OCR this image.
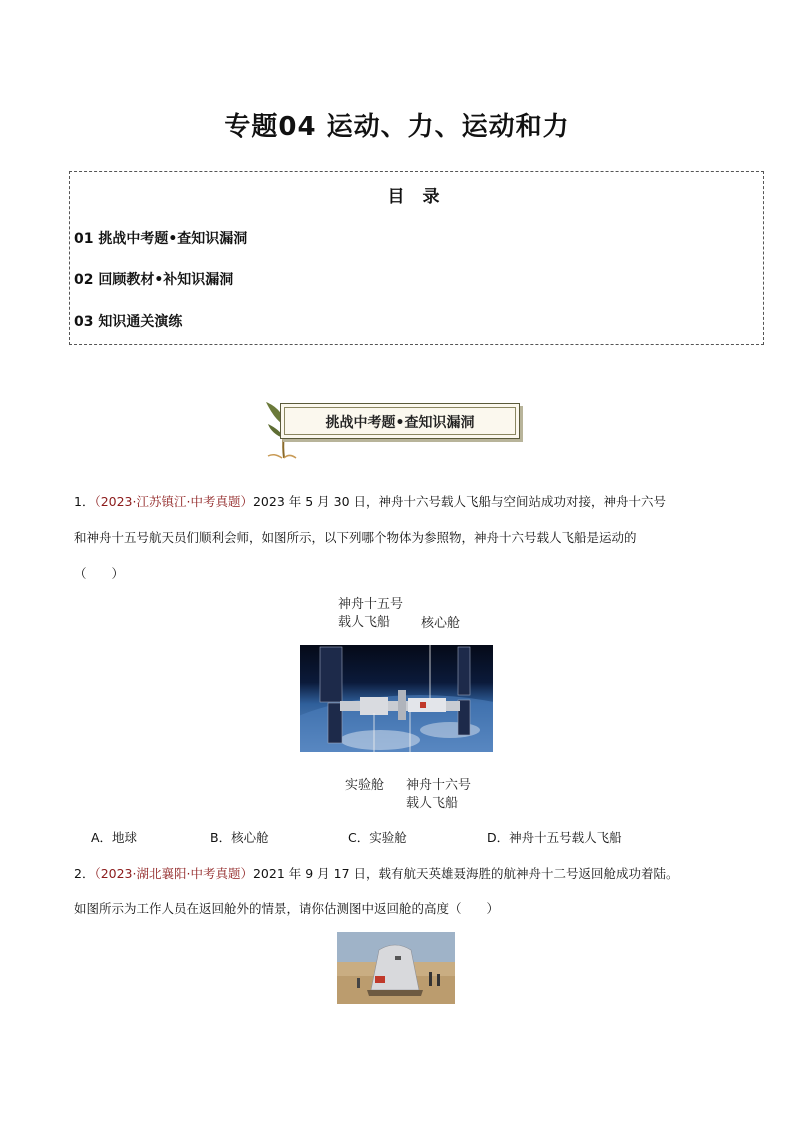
专题04 运动、力、运动和力
目 录
01 挑战中考题•查知识漏洞
02 回顾教材•补知识漏洞
03 知识通关演练
挑战中考题•查知识漏洞
1．（2023·江苏镇江·中考真题）2023 年 5 月 30 日，神舟十六号载人飞船与空间站成功对接，神舟十六号
和神舟十五号航天员们顺利会师，如图所示，以下列哪个物体为参照物，神舟十六号载人飞船是运动的
（　　）
神舟十五号
载人飞船 核心舱
实验舱 神舟十六号
载人飞船
A．地球	B．核心舱	C．实验舱	D．神舟十五号载人飞船
2．（2023·湖北襄阳·中考真题）2021 年 9 月 17 日，载有航天英雄聂海胜的航神舟十二号返回舱成功着陆。
如图所示为工作人员在返回舱外的情景，请你估测图中返回舱的高度（　　）
